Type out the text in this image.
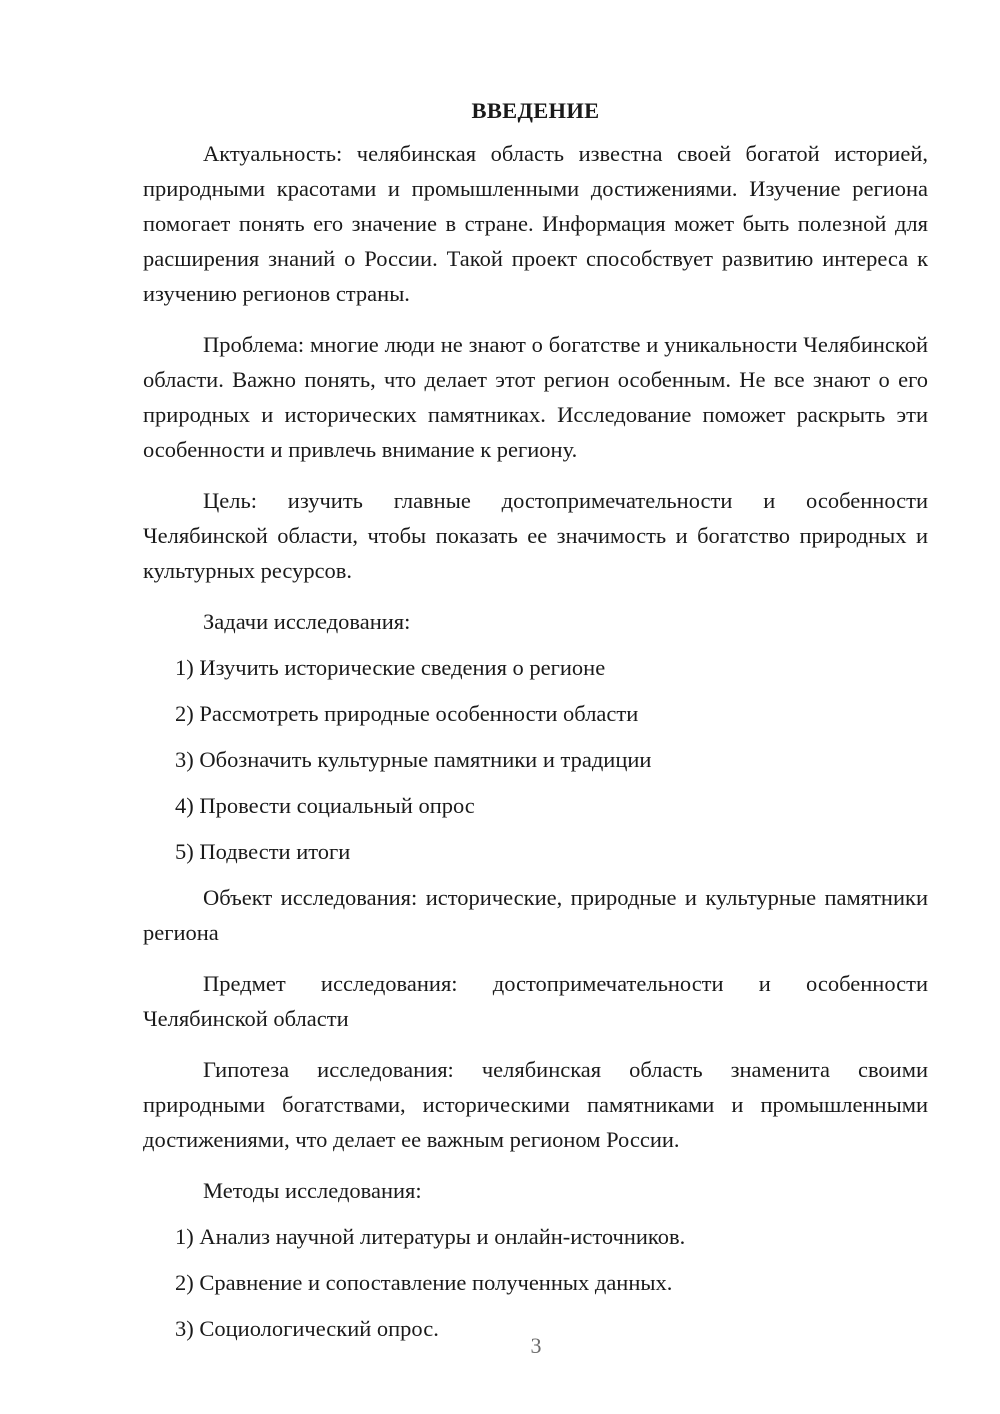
ВВЕДЕНИЕ

Актуальность: челябинская область известна своей богатой историей, природными красотами и промышленными достижениями. Изучение региона помогает понять его значение в стране. Информация может быть полезной для расширения знаний о России. Такой проект способствует развитию интереса к изучению регионов страны.

Проблема: многие люди не знают о богатстве и уникальности Челябинской области. Важно понять, что делает этот регион особенным. Не все знают о его природных и исторических памятниках. Исследование поможет раскрыть эти особенности и привлечь внимание к региону.

Цель: изучить главные достопримечательности и особенности Челябинской области, чтобы показать ее значимость и богатство природных и культурных ресурсов.

Задачи исследования:
1) Изучить исторические сведения о регионе
2) Рассмотреть природные особенности области
3) Обозначить культурные памятники и традиции
4) Провести социальный опрос
5) Подвести итоги

Объект исследования: исторические, природные и культурные памятники региона

Предмет исследования: достопримечательности и особенности Челябинской области

Гипотеза исследования: челябинская область знаменита своими природными богатствами, историческими памятниками и промышленными достижениями, что делает ее важным регионом России.

Методы исследования:
1) Анализ научной литературы и онлайн-источников.
2) Сравнение и сопоставление полученных данных.
3) Социологический опрос.
3
